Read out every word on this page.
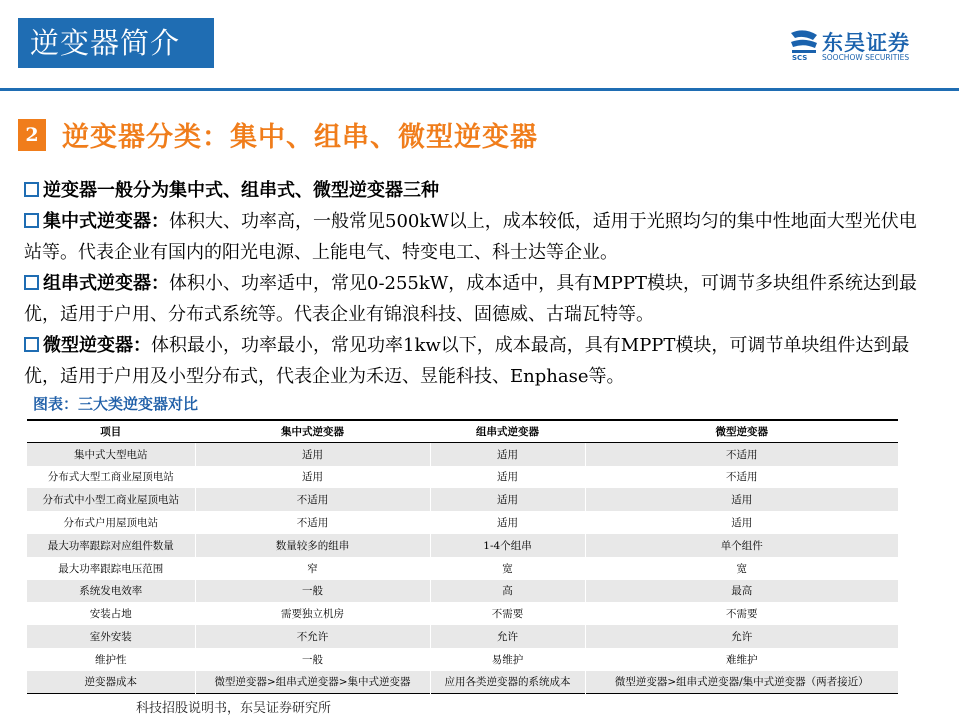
逆变器简介	SCS
东吴证券
SOOCHOW SECURITIES
2 逆变器分类：集中、组串、微型逆变器

逆变器一般分为集中式、组串式、微型逆变器三种

集中式逆变器：体积大、功率高，一般常见500kW以上，成本较低，适用于光照均匀的集中性地面大型光伏电站等。代表企业有国内的阳光电源、上能电气、特变电工、科士达等企业。

组串式逆变器：体积小、功率适中，常见0-255kW，成本适中，具有MPPT模块，可调节多块组件系统达到最优，适用于户用、分布式系统等。代表企业有锦浪科技、固德威、古瑞瓦特等。

微型逆变器：体积最小，功率最小，常见功率1kw以下，成本最高，具有MPPT模块，可调节单块组件达到最优，适用于户用及小型分布式，代表企业为禾迈、昱能科技、Enphase等。

图表：三大类逆变器对比
项目	集中式逆变器	组串式逆变器	微型逆变器
集中式大型电站	适用	适用	不适用
分布式大型工商业屋顶电站	适用	适用	不适用
分布式中小型工商业屋顶电站	不适用	适用	适用
分布式户用屋顶电站	不适用	适用	适用
最大功率跟踪对应组件数量	数量较多的组串	1-4个组串	单个组件
最大功率跟踪电压范围	窄	宽	宽
系统发电效率	一般	高	最高
安装占地	需要独立机房	不需要	不需要
室外安装	不允许	允许	允许
维护性	一般	易维护	难维护
逆变器成本	微型逆变器>组串式逆变器>集中式逆变器	应用各类逆变器的系统成本	微型逆变器>组串式逆变器/集中式逆变器（两者接近）
科技招股说明书，东吴证券研究所
